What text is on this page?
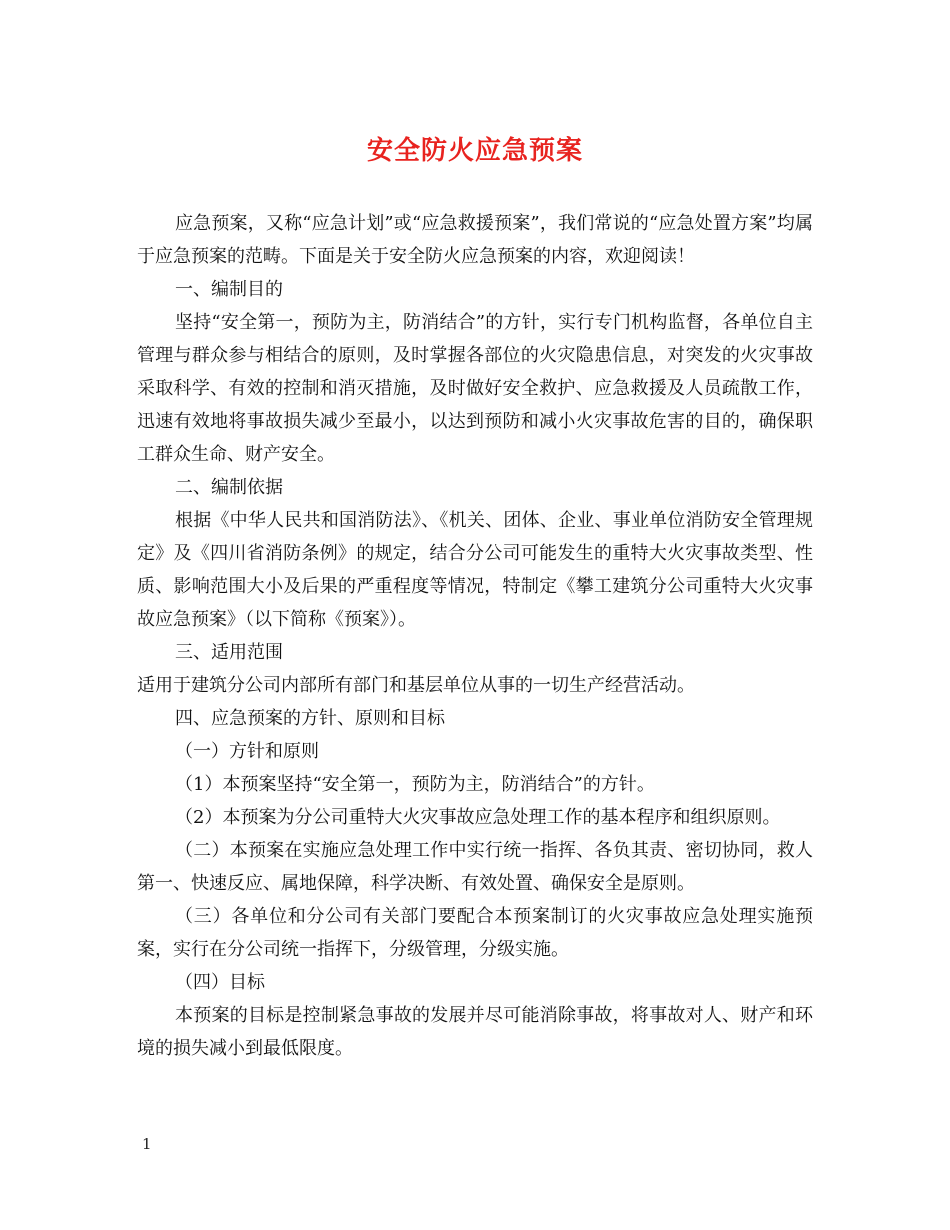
安全防火应急预案

应急预案，又称“应急计划”或“应急救援预案”，我们常说的“应急处置方案”均属于应急预案的范畴。下面是关于安全防火应急预案的内容，欢迎阅读！

一、编制目的

坚持“安全第一，预防为主，防消结合”的方针，实行专门机构监督，各单位自主管理与群众参与相结合的原则，及时掌握各部位的火灾隐患信息，对突发的火灾事故采取科学、有效的控制和消灭措施，及时做好安全救护、应急救援及人员疏散工作，迅速有效地将事故损失减少至最小，以达到预防和减小火灾事故危害的目的，确保职工群众生命、财产安全。

二、编制依据

根据《中华人民共和国消防法》、《机关、团体、企业、事业单位消防安全管理规定》及《四川省消防条例》的规定，结合分公司可能发生的重特大火灾事故类型、性质、影响范围大小及后果的严重程度等情况，特制定《攀工建筑分公司重特大火灾事故应急预案》（以下简称《预案》）。

三、适用范围

适用于建筑分公司内部所有部门和基层单位从事的一切生产经营活动。

四、应急预案的方针、原则和目标

（一）方针和原则

（1）本预案坚持“安全第一，预防为主，防消结合”的方针。

（2）本预案为分公司重特大火灾事故应急处理工作的基本程序和组织原则。

（二）本预案在实施应急处理工作中实行统一指挥、各负其责、密切协同，救人第一、快速反应、属地保障，科学决断、有效处置、确保安全是原则。

（三）各单位和分公司有关部门要配合本预案制订的火灾事故应急处理实施预案，实行在分公司统一指挥下，分级管理，分级实施。

（四）目标

本预案的目标是控制紧急事故的发展并尽可能消除事故，将事故对人、财产和环境的损失减小到最低限度。

1
